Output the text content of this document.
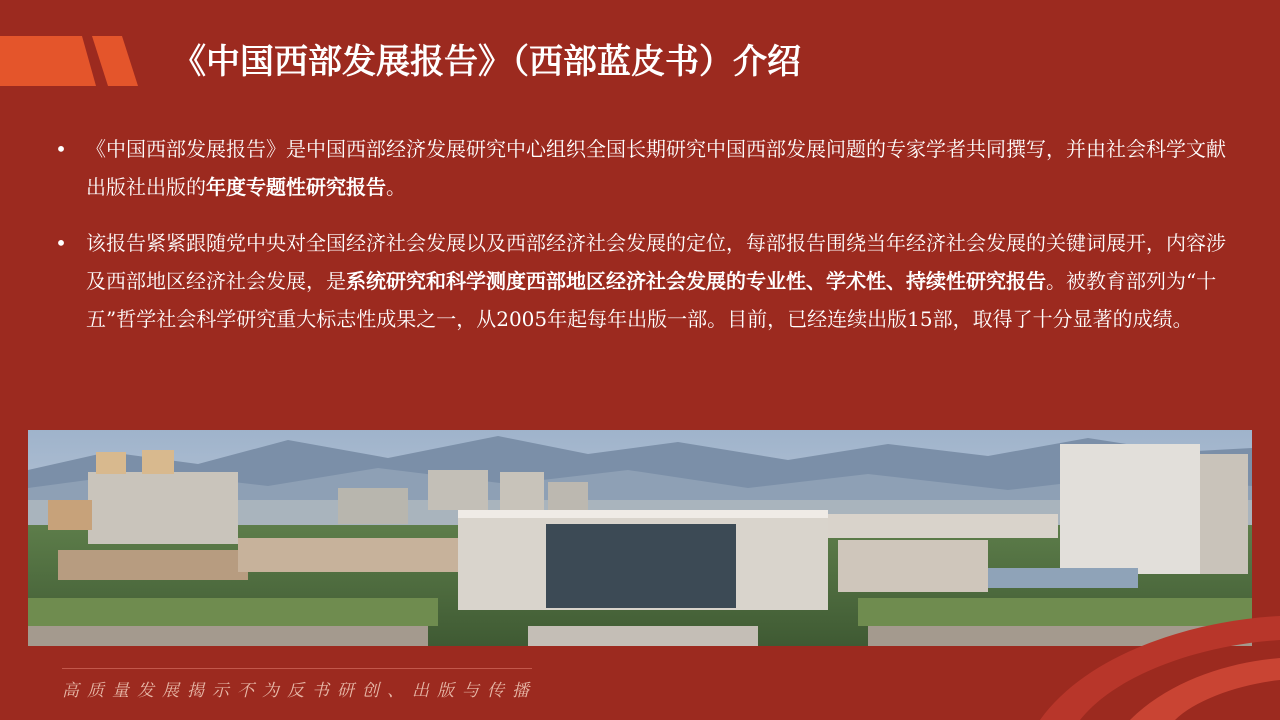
《中国西部发展报告》（西部蓝皮书）介绍
• 《中国西部发展报告》是中国西部经济发展研究中心组织全国长期研究中国西部发展问题的专家学者共同撰写，并由社会科学文献出版社出版的年度专题性研究报告。
• 该报告紧紧跟随党中央对全国经济社会发展以及西部经济社会发展的定位，每部报告围绕当年经济社会发展的关键词展开，内容涉及西部地区经济社会发展，是系统研究和科学测度西部地区经济社会发展的专业性、学术性、持续性研究报告。被教育部列为“十五”哲学社会科学研究重大标志性成果之一，从2005年起每年出版一部。目前，已经连续出版15部，取得了十分显著的成绩。
高质量发展揭示不为反书研创、出版与传播
